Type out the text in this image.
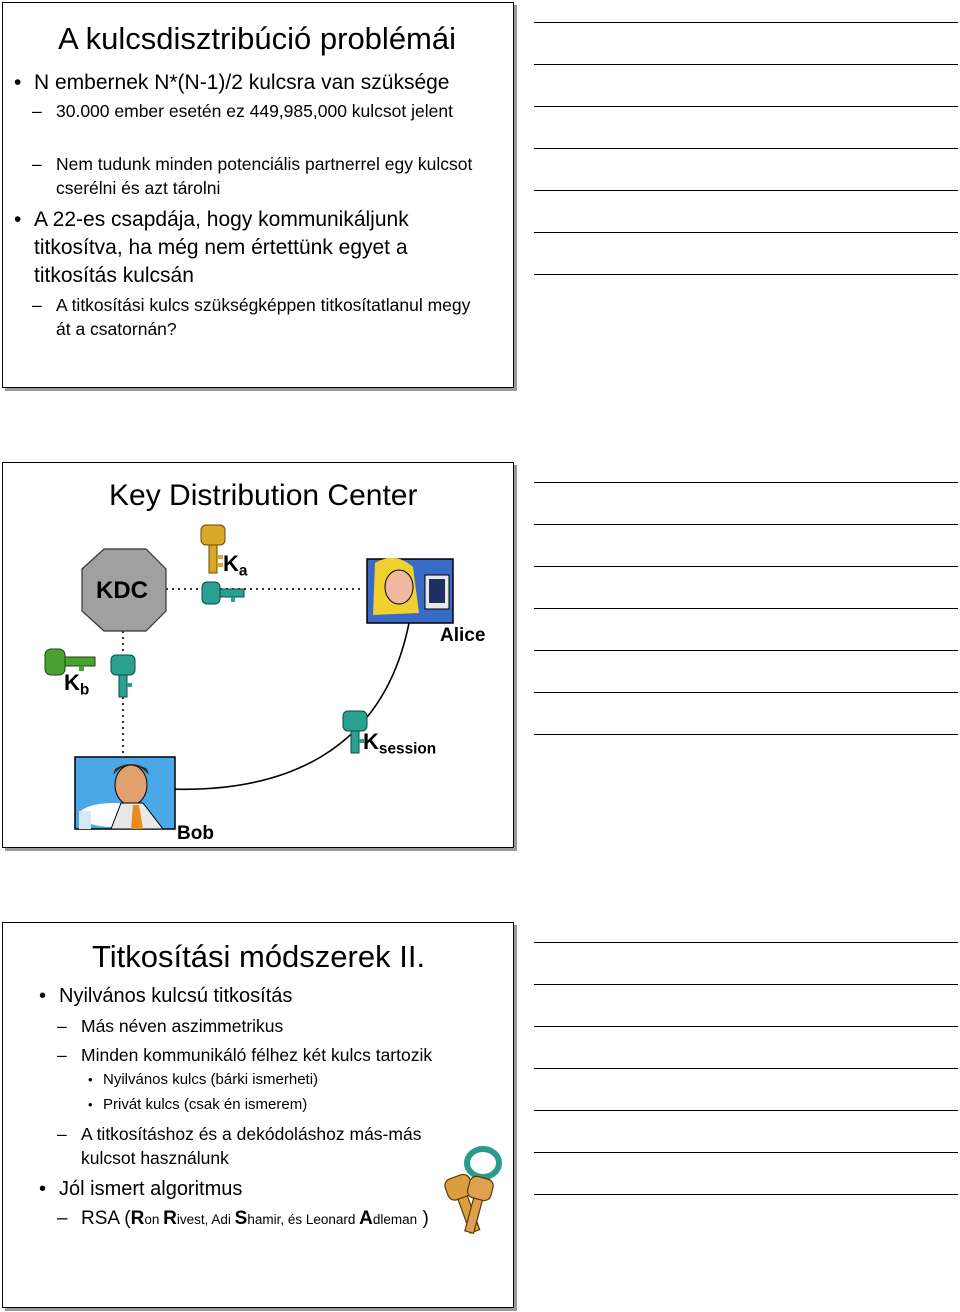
A kulcsdisztribúció problémái
• N embernek N*(N-1)/2 kulcsra van szüksége
– 30.000 ember esetén ez 449,985,000 kulcsot jelent
– Nem tudunk minden potenciális partnerrel egy kulcsot cserélni és azt tárolni
• A 22-es csapdája, hogy kommunikáljunk titkosítva, ha még nem értettünk egyet a titkosítás kulcsán
– A titkosítási kulcs szükségképpen titkosítatlanul megy át a csatornán?
Key Distribution Center
KDC
$K_a$
Alice
$K_b$
$K_{session}$
Bob
Titkosítási módszerek II.
• Nyilvános kulcsú titkosítás
– Más néven aszimmetrikus
– Minden kommunikáló félhez két kulcs tartozik
• Nyilvános kulcs (bárki ismerheti)
• Privát kulcs (csak én ismerem)
– A titkosításhoz és a dekódoláshoz más-más kulcsot használunk
• Jól ismert algoritmus
– RSA (Ron Rivest, Adi Shamir, és Leonard Adleman )
